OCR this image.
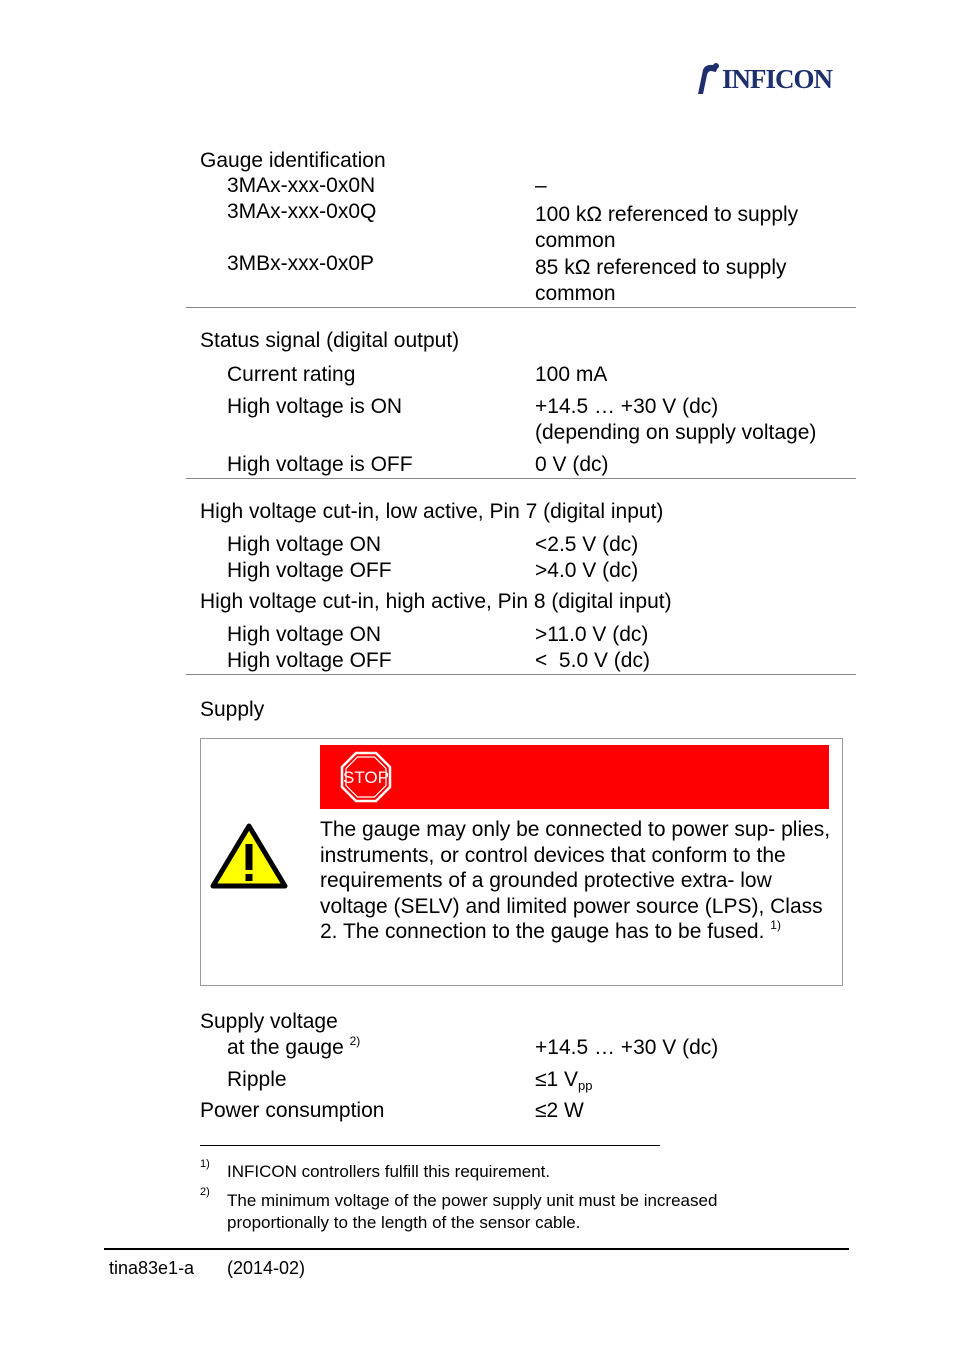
INFICON
Gauge identification
3MAx-xxx-0x0N	–
3MAx-xxx-0x0Q	100 kΩ referenced to supply
common
3MBx-xxx-0x0P	85 kΩ referenced to supply
common
Status signal (digital output)
Current rating	100 mA
High voltage is ON	+14.5 … +30 V (dc)
(depending on supply voltage)
High voltage is OFF	0 V (dc)
High voltage cut-in, low active, Pin 7 (digital input)
High voltage ON	<2.5 V (dc)
High voltage OFF	>4.0 V (dc)
High voltage cut-in, high active, Pin 8 (digital input)
High voltage ON	>11.0 V (dc)
High voltage OFF	<  5.0 V (dc)
Supply
STOP
The gauge may only be connected to power sup- plies, instruments, or control devices that conform to the requirements of a grounded protective extra- low voltage (SELV) and limited power source (LPS), Class 2. The connection to the gauge has to be fused. $^{1)}$
Supply voltage
at the gauge $^{2)}$	+14.5 … +30 V (dc)
Ripple	≤1 $V_{pp}$
Power consumption	≤2 W
1) INFICON controllers fulfill this requirement.
2) The minimum voltage of the power supply unit must be increased
proportionally to the length of the sensor cable.
tina83e1-a (2014-02)
